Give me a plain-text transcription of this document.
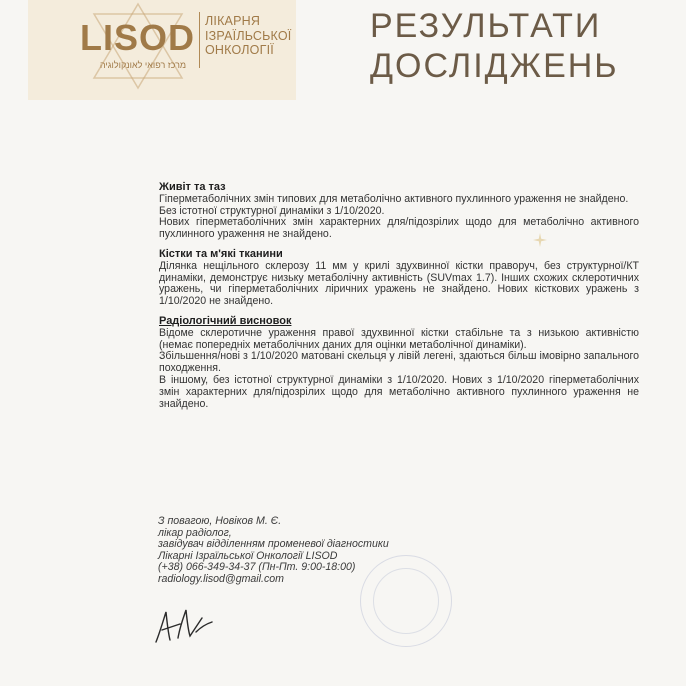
LISOD
מרכז רפואי לאונקולוגיה
ЛІКАРНЯ
ІЗРАЇЛЬСЬКОЇ
ОНКОЛОГІЇ
РЕЗУЛЬТАТИ
ДОСЛІДЖЕНЬ

Живіт та таз

Гіперметаболічних змін типових для метаболічно активного пухлинного ураження не знайдено.

Без істотної структурної динаміки з 1/10/2020.

Нових гіперметаболічних змін характерних для/підозрілих щодо для метаболічно активного пухлинного ураження не знайдено.

Кістки та м'які тканини

Ділянка нещільного склерозу 11 мм у крилі здухвинної кістки праворуч, без структурної/КТ динаміки, демонструє низьку метаболічну активність (SUVmax 1.7). Інших схожих склеротичних уражень, чи гіперметаболічних ліричних уражень не знайдено. Нових кісткових уражень з 1/10/2020 не знайдено.

Радіологічний висновок

Відоме склеротичне ураження правої здухвинної кістки стабільне та з низькою активністю (немає попередніх метаболічних даних для оцінки метаболічної динаміки).

Збільшення/нові з 1/10/2020 матовані скельця у лівій легені, здаються більш імовірно запального походження.

В іншому, без істотної структурної динаміки з 1/10/2020. Нових з 1/10/2020 гіперметаболічних змін характерних для/підозрілих щодо для метаболічно активного пухлинного ураження не знайдено.

З повагою, Новіков М. Є.
лікар радіолог,
завідувач відділенням променевої діагностики
Лікарні Ізраїльської Онкології LISOD
(+38) 066-349-34-37 (Пн-Пт. 9:00-18:00)
radiology.lisod@gmail.com
